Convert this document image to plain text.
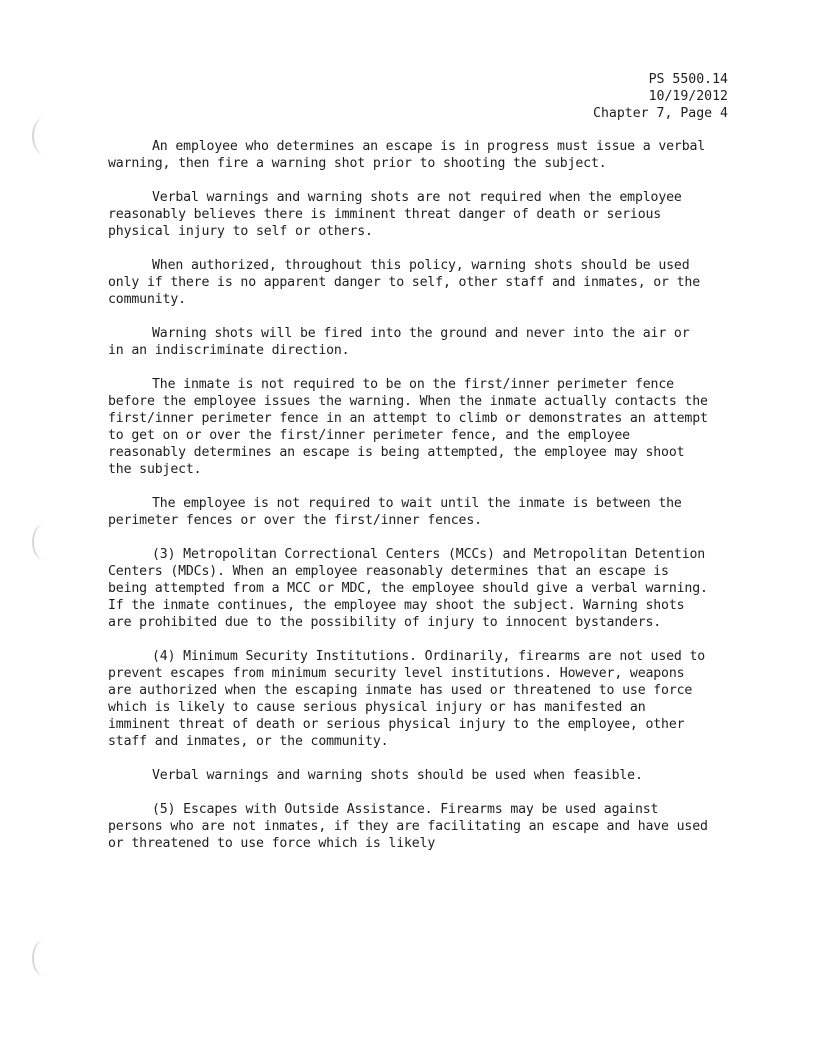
PS 5500.14
10/19/2012
Chapter 7, Page 4

An employee who determines an escape is in progress must issue a verbal warning, then fire a warning shot prior to shooting the subject.

Verbal warnings and warning shots are not required when the employee reasonably believes there is imminent threat danger of death or serious physical injury to self or others.

When authorized, throughout this policy, warning shots should be used only if there is no apparent danger to self, other staff and inmates, or the community.

Warning shots will be fired into the ground and never into the air or in an indiscriminate direction.

The inmate is not required to be on the first/inner perimeter fence before the employee issues the warning. When the inmate actually contacts the first/inner perimeter fence in an attempt to climb or demonstrates an attempt to get on or over the first/inner perimeter fence, and the employee reasonably determines an escape is being attempted, the employee may shoot the subject.

The employee is not required to wait until the inmate is between the perimeter fences or over the first/inner fences.

(3) Metropolitan Correctional Centers (MCCs) and Metropolitan Detention Centers (MDCs). When an employee reasonably determines that an escape is being attempted from a MCC or MDC, the employee should give a verbal warning. If the inmate continues, the employee may shoot the subject. Warning shots are prohibited due to the possibility of injury to innocent bystanders.

(4) Minimum Security Institutions. Ordinarily, firearms are not used to prevent escapes from minimum security level institutions. However, weapons are authorized when the escaping inmate has used or threatened to use force which is likely to cause serious physical injury or has manifested an imminent threat of death or serious physical injury to the employee, other staff and inmates, or the community.

Verbal warnings and warning shots should be used when feasible.

(5) Escapes with Outside Assistance. Firearms may be used against persons who are not inmates, if they are facilitating an escape and have used or threatened to use force which is likely
